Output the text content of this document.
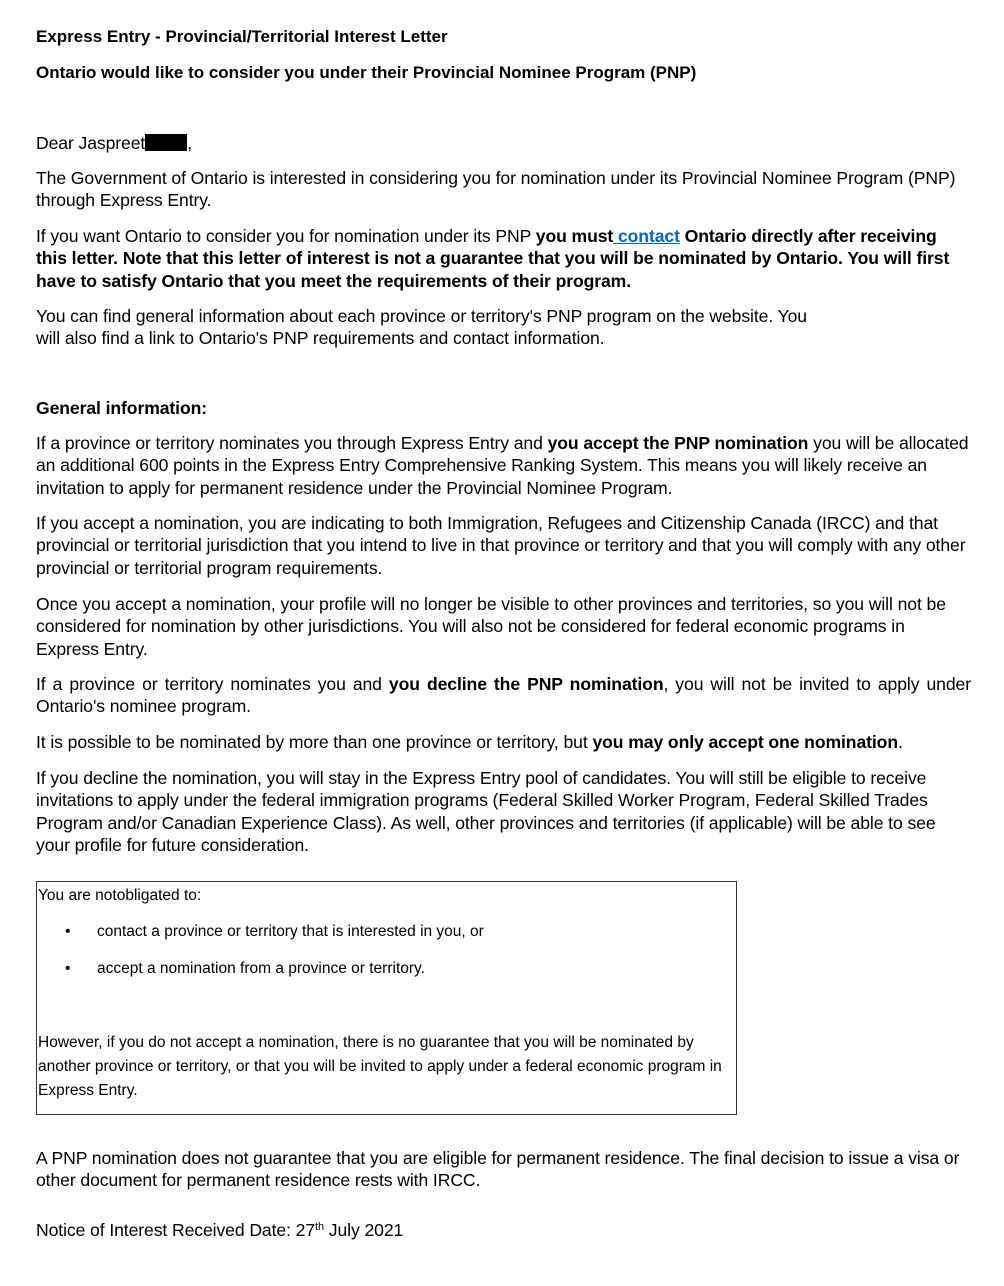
Express Entry - Provincial/Territorial Interest Letter
Ontario would like to consider you under their Provincial Nominee Program (PNP)
Dear Jaspreet ,
The Government of Ontario is interested in considering you for nomination under its Provincial Nominee Program (PNP) through Express Entry.
If you want Ontario to consider you for nomination under its PNP you must contact Ontario directly after receiving this letter. Note that this letter of interest is not a guarantee that you will be nominated by Ontario. You will first have to satisfy Ontario that you meet the requirements of their program.
You can find general information about each province or territory's PNP program on the website. You
will also find a link to Ontario's PNP requirements and contact information.
General information:
If a province or territory nominates you through Express Entry and you accept the PNP nomination you will be allocated an additional 600 points in the Express Entry Comprehensive Ranking System. This means you will likely receive an invitation to apply for permanent residence under the Provincial Nominee Program.
If you accept a nomination, you are indicating to both Immigration, Refugees and Citizenship Canada (IRCC) and that provincial or territorial jurisdiction that you intend to live in that province or territory and that you will comply with any other provincial or territorial program requirements.
Once you accept a nomination, your profile will no longer be visible to other provinces and territories, so you will not be considered for nomination by other jurisdictions. You will also not be considered for federal economic programs in Express Entry.
If a province or territory nominates you and you decline the PNP nomination, you will not be invited to apply under Ontario's nominee program.
It is possible to be nominated by more than one province or territory, but you may only accept one nomination.
If you decline the nomination, you will stay in the Express Entry pool of candidates. You will still be eligible to receive invitations to apply under the federal immigration programs (Federal Skilled Worker Program, Federal Skilled Trades Program and/or Canadian Experience Class). As well, other provinces and territories (if applicable) will be able to see your profile for future consideration.
You are notobligated to:
• contact a province or territory that is interested in you, or
• accept a nomination from a province or territory.
However, if you do not accept a nomination, there is no guarantee that you will be nominated by another province or territory, or that you will be invited to apply under a federal economic program in Express Entry.
A PNP nomination does not guarantee that you are eligible for permanent residence. The final decision to issue a visa or other document for permanent residence rests with IRCC.
Notice of Interest Received Date: 27th July 2021
